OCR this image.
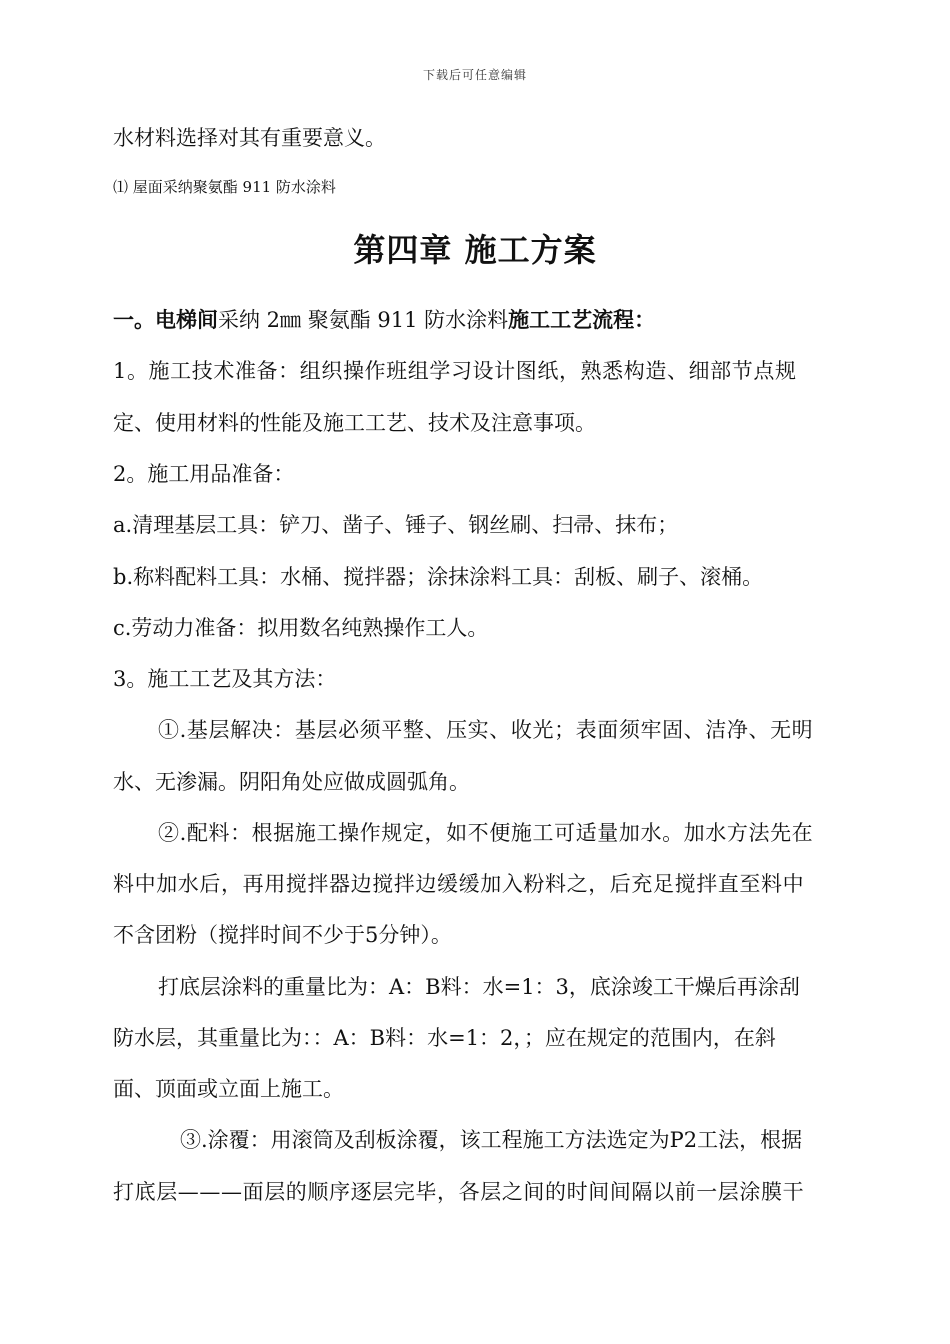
下载后可任意编辑
水材料选择对其有重要意义。
⑴ 屋面采纳聚氨酯 911 防水涂料
第四章 施工方案
一。电梯间采纳 2㎜ 聚氨酯 911 防水涂料施工工艺流程：
1。施工技术准备：组织操作班组学习设计图纸，熟悉构造、细部节点规
定、使用材料的性能及施工工艺、技术及注意事项。
2。施工用品准备：
a.清理基层工具：铲刀、凿子、锤子、钢丝刷、扫帚、抹布；
b.称料配料工具：水桶、搅拌器；涂抹涂料工具：刮板、刷子、滚桶。
c.劳动力准备：拟用数名纯熟操作工人。
3。施工工艺及其方法：
①.基层解决：基层必须平整、压实、收光；表面须牢固、洁净、无明
水、无渗漏。阴阳角处应做成圆弧角。
②.配料：根据施工操作规定，如不便施工可适量加水。加水方法先在
料中加水后，再用搅拌器边搅拌边缓缓加入粉料之，后充足搅拌直至料中
不含团粉（搅拌时间不少于5分钟）。
打底层涂料的重量比为：A：B料：水=1：3，底涂竣工干燥后再涂刮
防水层，其重量比为：：A：B料：水=1：2，；应在规定的范围内，在斜
面、顶面或立面上施工。
③.涂覆：用滚筒及刮板涂覆，该工程施工方法选定为P2工法，根据
打底层———面层的顺序逐层完毕，各层之间的时间间隔以前一层涂膜干
